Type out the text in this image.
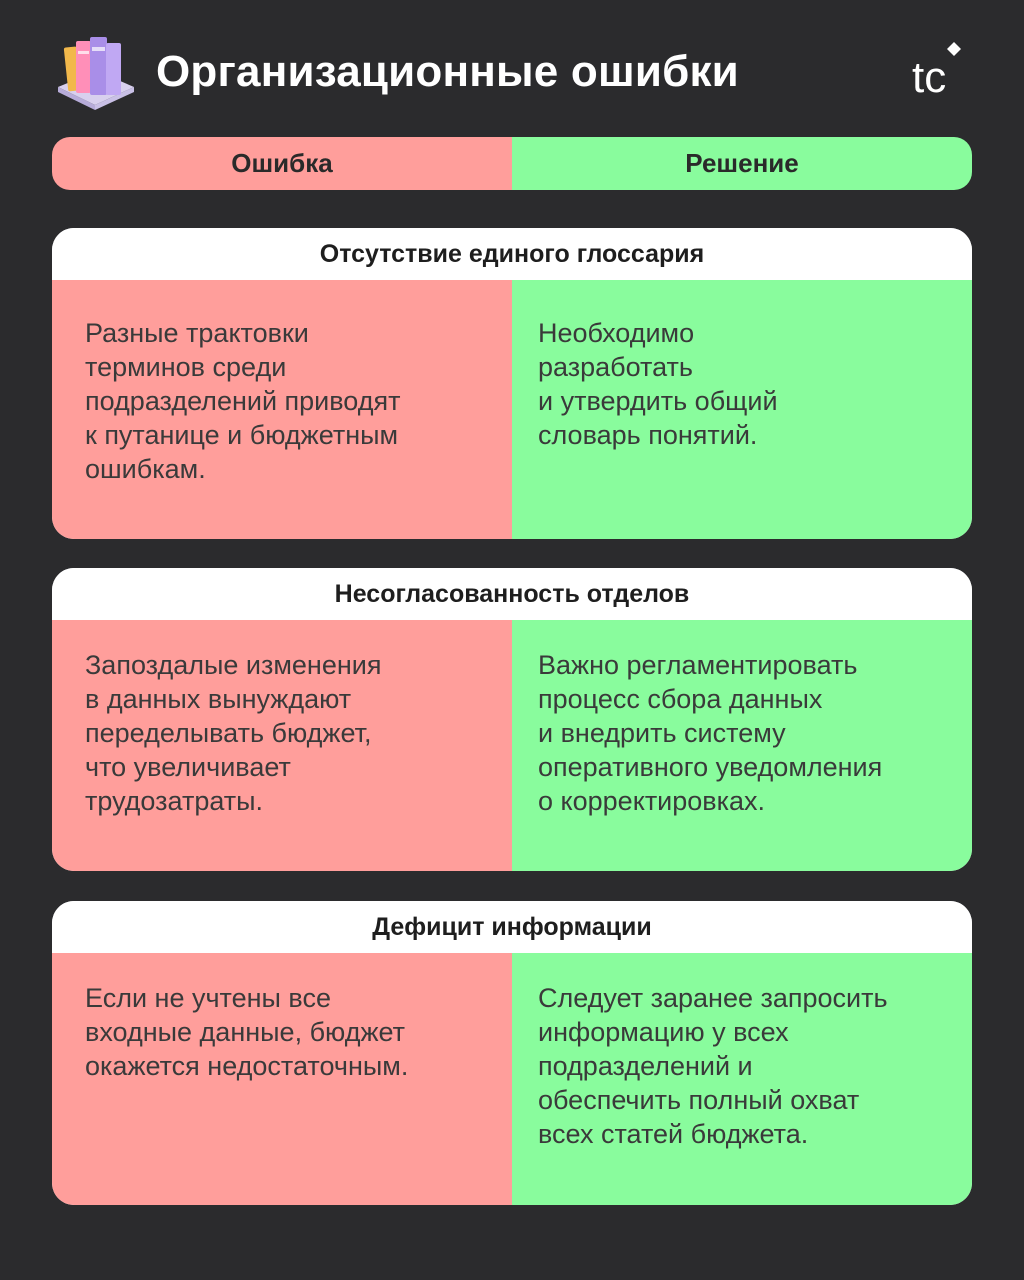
Организационные ошибки	tc
Ошибка	Решение
Отсутствие единого глоссария

Разные трактовки

терминов среди

подразделений приводят

к путанице и бюджетным

ошибкам.

Необходимо

разработать

и утвердить общий

словарь понятий.

Несогласованность отделов

Запоздалые изменения

в данных вынуждают

переделывать бюджет,

что увеличивает

трудозатраты.

Важно регламентировать

процесс сбора данных

и внедрить систему

оперативного уведомления

о корректировках.

Дефицит информации

Если не учтены все

входные данные, бюджет

окажется недостаточным.

Следует заранее запросить

информацию у всех

подразделений и

обеспечить полный охват

всех статей бюджета.
